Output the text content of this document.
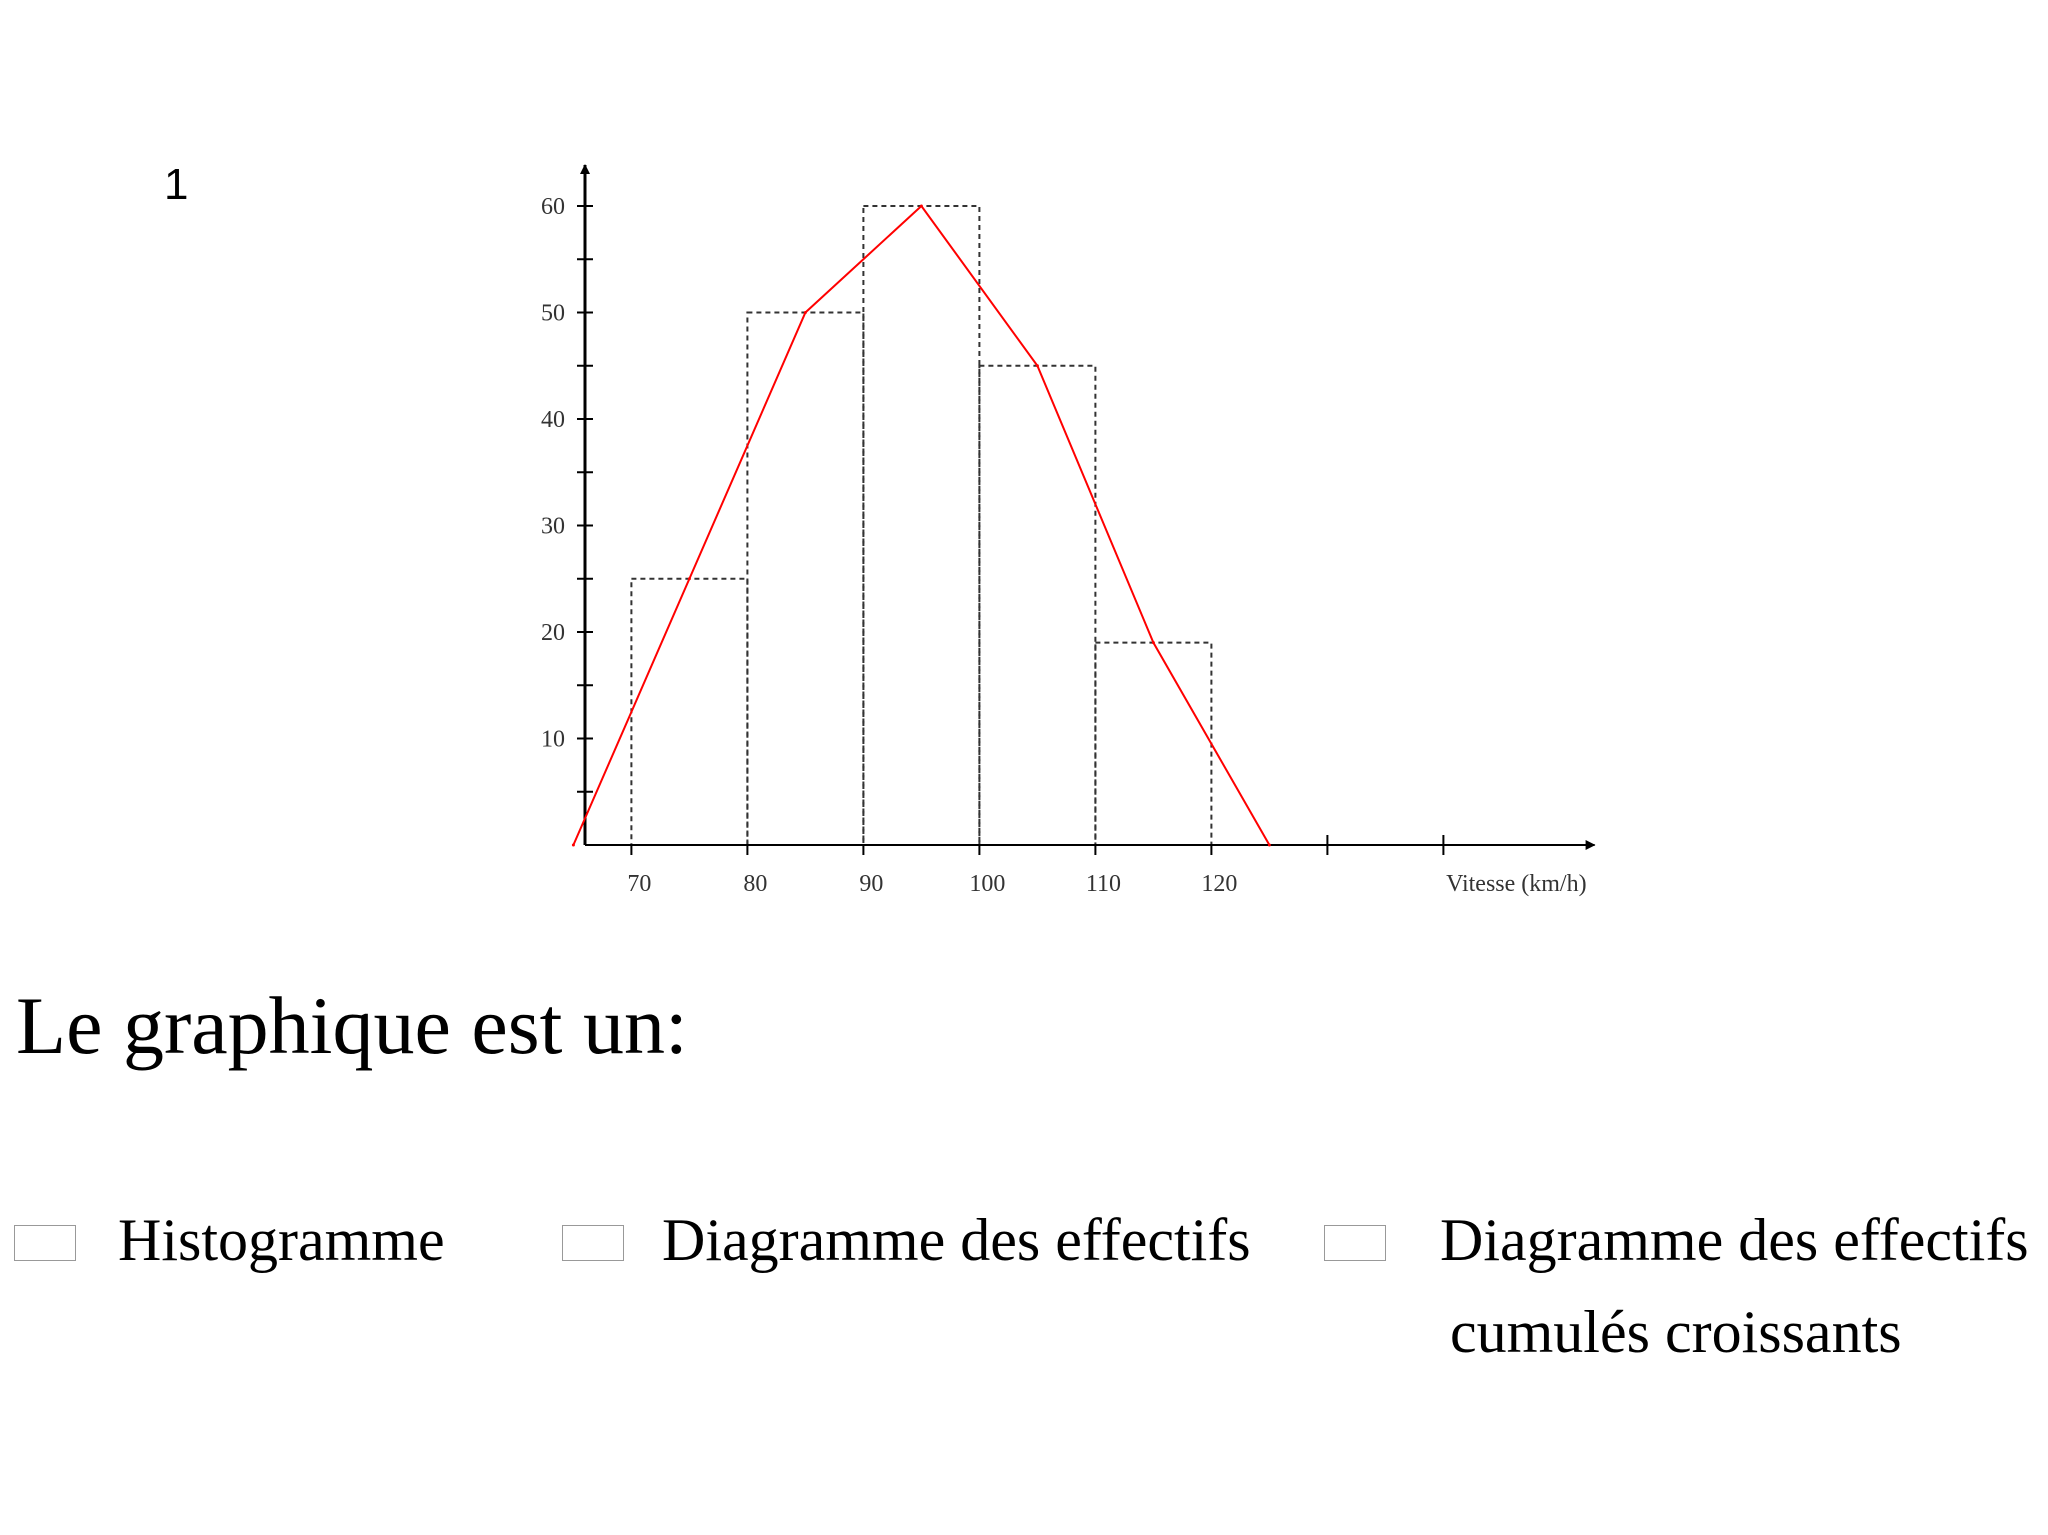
1
10
20
30
40
50
60
70	80	90	100	110	120	Vitesse (km/h)
Le graphique est un:
Histogramme	Diagramme des effectifs	Diagramme des effectifs
cumulés croissants
